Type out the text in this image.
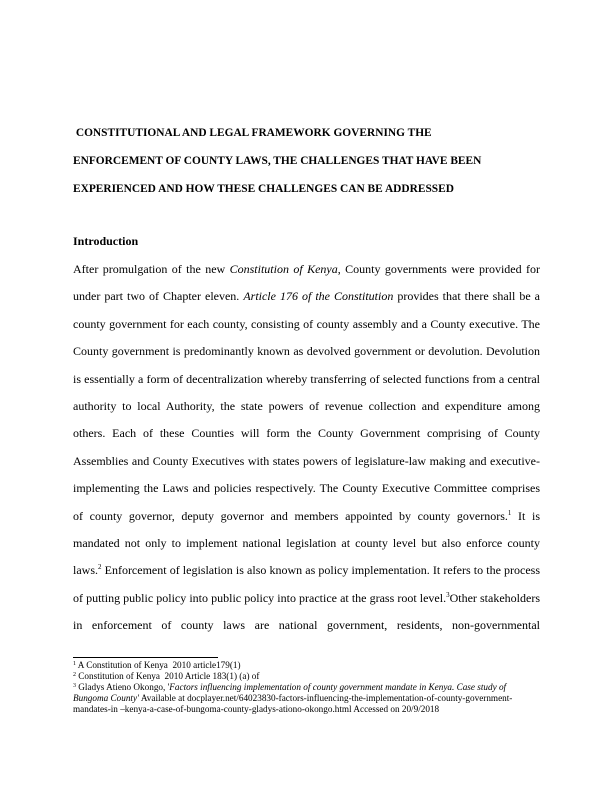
CONSTITUTIONAL AND LEGAL FRAMEWORK GOVERNING THE
ENFORCEMENT OF COUNTY LAWS, THE CHALLENGES THAT HAVE BEEN
EXPERIENCED AND HOW THESE CHALLENGES CAN BE ADDRESSED
Introduction
After promulgation of the new Constitution of Kenya, County governments were provided for
under part two of Chapter eleven. Article 176 of the Constitution provides that there shall be a
county government for each county, consisting of county assembly and a County executive. The
County government is predominantly known as devolved government or devolution. Devolution
is essentially a form of decentralization whereby transferring of selected functions from a central
authority to local Authority, the state powers of revenue collection and expenditure among
others. Each of these Counties will form the County Government comprising of County
Assemblies and County Executives with states powers of legislature-law making and executive-
implementing the Laws and policies respectively. The County Executive Committee comprises
of county governor, deputy governor and members appointed by county governors.$^1$ It is
mandated not only to implement national legislation at county level but also enforce county
laws.$^2$ Enforcement of legislation is also known as policy implementation. It refers to the process
of putting public policy into public policy into practice at the grass root level.$^3$Other stakeholders
in enforcement of county laws are national government, residents, non-governmental
$^1$ A Constitution of Kenya  2010 article179(1)
$^2$ Constitution of Kenya  2010 Article 183(1) (a) of
$^3$ Gladys Atieno Okongo, 'Factors influencing implementation of county government mandate in Kenya. Case study of Bungoma County' Available at docplayer.net/64023830-factors-influencing-the-implementation-of-county-government-mandates-in –kenya-a-case-of-bungoma-county-gladys-ationo-okongo.html Accessed on 20/9/2018
